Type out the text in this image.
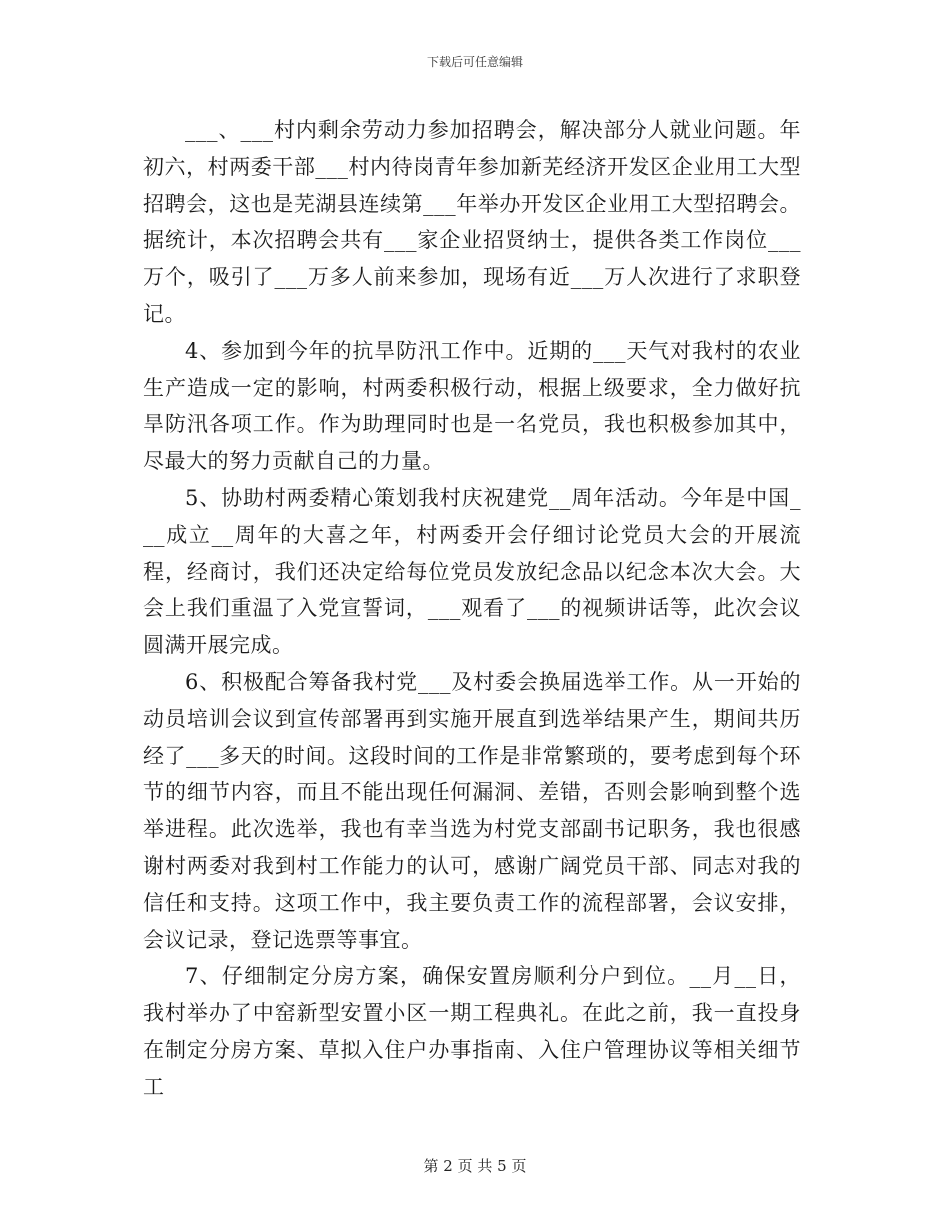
下载后可任意编辑

___、___村内剩余劳动力参加招聘会，解决部分人就业问题。年初六，村两委干部___村内待岗青年参加新芜经济开发区企业用工大型招聘会，这也是芜湖县连续第___年举办开发区企业用工大型招聘会。据统计，本次招聘会共有___家企业招贤纳士，提供各类工作岗位___万个，吸引了___万多人前来参加，现场有近___万人次进行了求职登记。

4、参加到今年的抗旱防汛工作中。近期的___天气对我村的农业生产造成一定的影响，村两委积极行动，根据上级要求，全力做好抗旱防汛各项工作。作为助理同时也是一名党员，我也积极参加其中，尽最大的努力贡献自己的力量。

5、协助村两委精心策划我村庆祝建党__周年活动。今年是中国___成立__周年的大喜之年，村两委开会仔细讨论党员大会的开展流程，经商讨，我们还决定给每位党员发放纪念品以纪念本次大会。大会上我们重温了入党宣誓词，___观看了___的视频讲话等，此次会议圆满开展完成。

6、积极配合筹备我村党___及村委会换届选举工作。从一开始的动员培训会议到宣传部署再到实施开展直到选举结果产生，期间共历经了___多天的时间。这段时间的工作是非常繁琐的，要考虑到每个环节的细节内容，而且不能出现任何漏洞、差错，否则会影响到整个选举进程。此次选举，我也有幸当选为村党支部副书记职务，我也很感谢村两委对我到村工作能力的认可，感谢广阔党员干部、同志对我的信任和支持。这项工作中，我主要负责工作的流程部署，会议安排，会议记录，登记选票等事宜。

7、仔细制定分房方案，确保安置房顺利分户到位。__月__日，我村举办了中窑新型安置小区一期工程典礼。在此之前，我一直投身在制定分房方案、草拟入住户办事指南、入住户管理协议等相关细节工

第 2 页 共 5 页
